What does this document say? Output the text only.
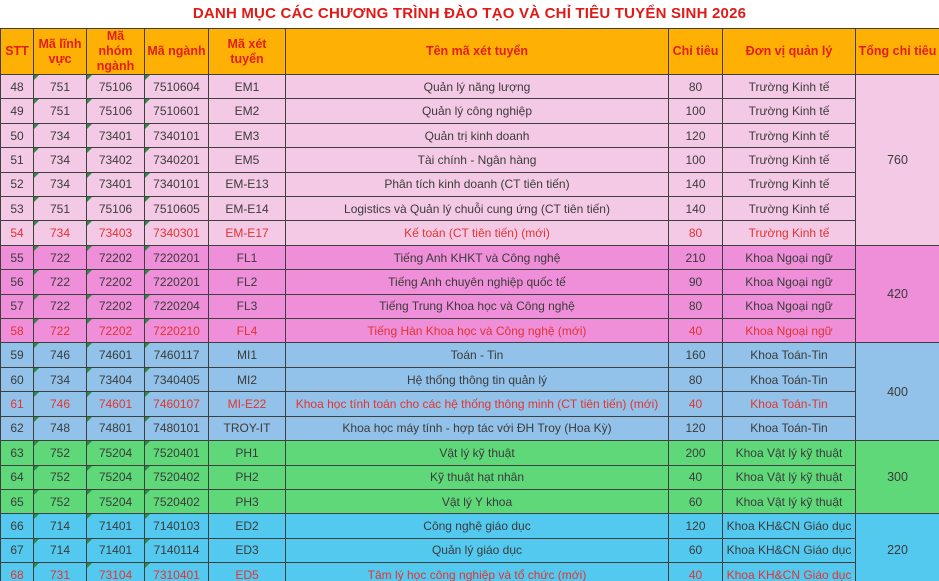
DANH MỤC CÁC CHƯƠNG TRÌNH ĐÀO TẠO VÀ CHỈ TIÊU TUYỂN SINH 2026
STT	Mã lĩnh vực	Mã nhóm ngành	Mã ngành	Mã xét tuyển	Tên mã xét tuyển	Chỉ tiêu	Đơn vị quản lý	Tổng chỉ tiêu
48	751	75106	7510604	EM1	Quản lý năng lượng	80	Trường Kinh tế	760
49	751	75106	7510601	EM2	Quản lý công nghiệp	100	Trường Kinh tế	
50	734	73401	7340101	EM3	Quản trị kinh doanh	120	Trường Kinh tế	
51	734	73402	7340201	EM5	Tài chính - Ngân hàng	100	Trường Kinh tế	
52	734	73401	7340101	EM-E13	Phân tích kinh doanh (CT tiên tiến)	140	Trường Kinh tế	
53	751	75106	7510605	EM-E14	Logistics và Quản lý chuỗi cung ứng (CT tiên tiến)	140	Trường Kinh tế	
54	734	73403	7340301	EM-E17	Kế toán (CT tiên tiến) (mới)	80	Trường Kinh tế	
55	722	72202	7220201	FL1	Tiếng Anh KHKT và Công nghệ	210	Khoa Ngoại ngữ	420
56	722	72202	7220201	FL2	Tiếng Anh chuyên nghiệp quốc tế	90	Khoa Ngoại ngữ	
57	722	72202	7220204	FL3	Tiếng Trung Khoa học và Công nghệ	80	Khoa Ngoại ngữ	
58	722	72202	7220210	FL4	Tiếng Hàn Khoa học và Công nghệ (mới)	40	Khoa Ngoại ngữ	
59	746	74601	7460117	MI1	Toán - Tin	160	Khoa Toán-Tin	400
60	734	73404	7340405	MI2	Hệ thống thông tin quản lý	80	Khoa Toán-Tin	
61	746	74601	7460107	MI-E22	Khoa học tính toán cho các hệ thống thông minh (CT tiên tiến) (mới)	40	Khoa Toán-Tin	
62	748	74801	7480101	TROY-IT	Khoa học máy tính - hợp tác với ĐH Troy (Hoa Kỳ)	120	Khoa Toán-Tin	
63	752	75204	7520401	PH1	Vật lý kỹ thuật	200	Khoa Vật lý kỹ thuật	300
64	752	75204	7520402	PH2	Kỹ thuật hạt nhân	40	Khoa Vật lý kỹ thuật	
65	752	75204	7520402	PH3	Vật lý Y khoa	60	Khoa Vật lý kỹ thuật	
66	714	71401	7140103	ED2	Công nghệ giáo dục	120	Khoa KH&CN Giáo dục	220
67	714	71401	7140114	ED3	Quản lý giáo dục	60	Khoa KH&CN Giáo dục	
68	731	73104	7310401	ED5	Tâm lý học công nghiệp và tổ chức (mới)	40	Khoa KH&CN Giáo dục	
